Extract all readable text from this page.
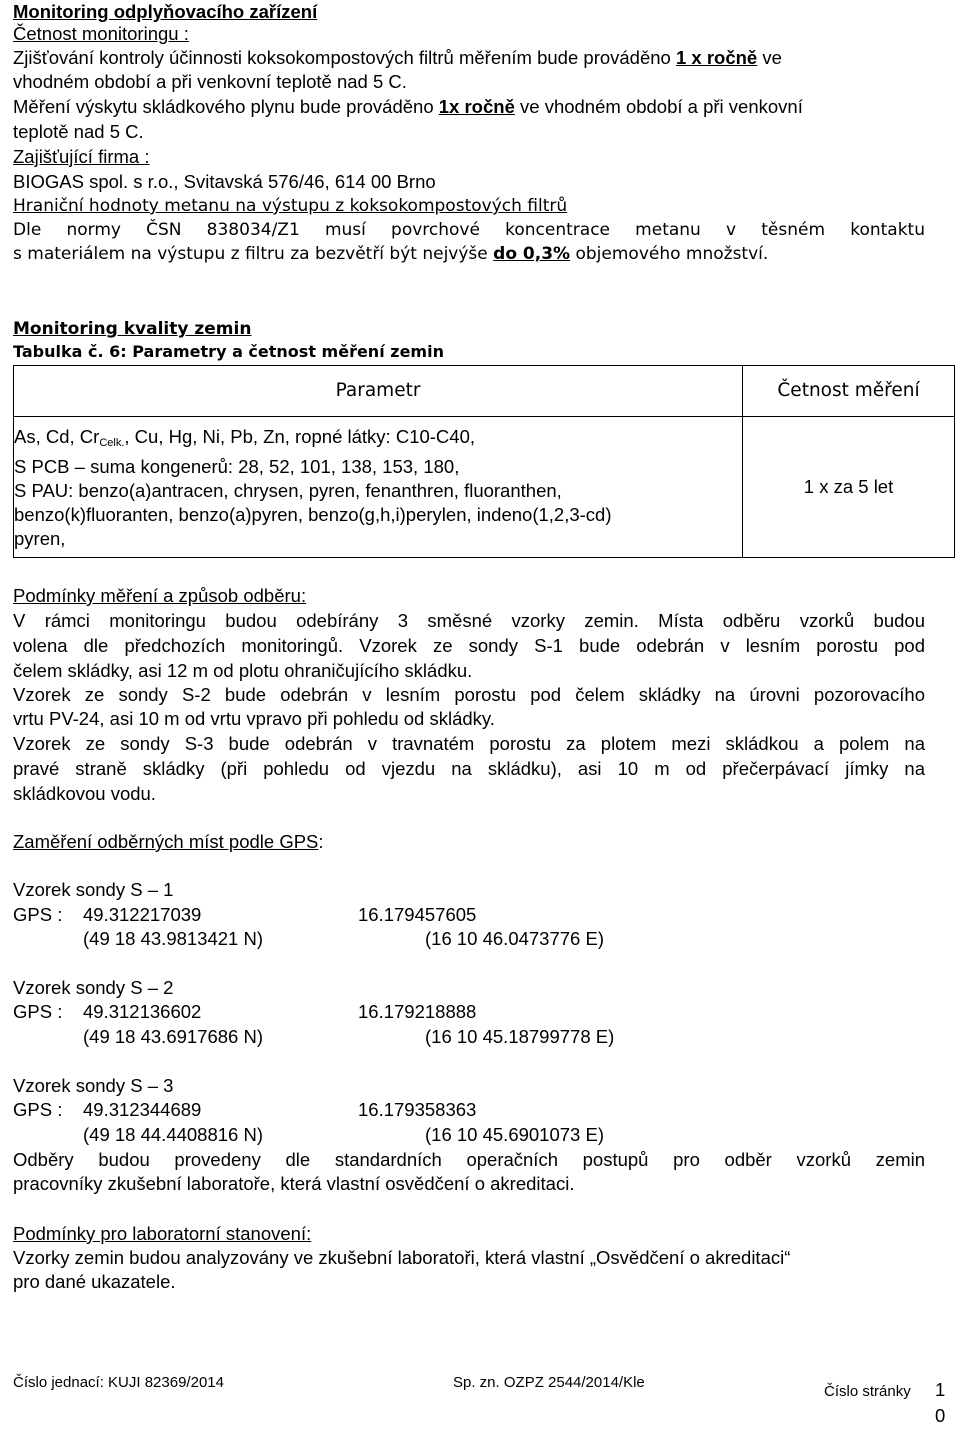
Monitoring odplyňovacího zařízení
Četnost monitoringu :
Zjišťování kontroly účinnosti koksokompostových filtrů měřením bude prováděno 1 x ročně ve
vhodném období a při venkovní teplotě nad 5 C.
Měření výskytu skládkového plynu bude prováděno 1x ročně ve vhodném období a při venkovní
teplotě nad 5 C.
Zajišťující firma :
BIOGAS spol. s r.o., Svitavská 576/46, 614 00 Brno
Hraniční hodnoty metanu na výstupu z koksokompostových filtrů
Dle normy ČSN 838034/Z1 musí povrchové koncentrace metanu v těsném kontaktu
s materiálem na výstupu z filtru za bezvětří být nejvýše do 0,3% objemového množství.
Monitoring kvality zemin
Tabulka č. 6: Parametry a četnost měření zemin
Parametr	Četnost měření

As, Cd, $Cr_{Celk.}$, Cu, Hg, Ni, Pb, Zn, ropné látky: C10-C40,
S PCB – suma kongenerů: 28, 52, 101, 138, 153, 180,
S PAU: benzo(a)antracen, chrysen, pyren, fenanthren, fluoranthen,
benzo(k)fluoranten, benzo(a)pyren, benzo(g,h,i)perylen, indeno(1,2,3-cd)
pyren,	1 x za 5 let
Podmínky měření a způsob odběru:
V rámci monitoringu budou odebírány 3 směsné vzorky zemin. Místa odběru vzorků budou
volena dle předchozích monitoringů. Vzorek ze sondy S-1 bude odebrán v lesním porostu pod
čelem skládky, asi 12 m od plotu ohraničujícího skládku.
Vzorek ze sondy S-2 bude odebrán v lesním porostu pod čelem skládky na úrovni pozorovacího
vrtu PV-24, asi 10 m od vrtu vpravo při pohledu od skládky.
Vzorek ze sondy S-3 bude odebrán v travnatém porostu za plotem mezi skládkou a polem na
pravé straně skládky (při pohledu od vjezdu na skládku), asi 10 m od přečerpávací jímky na
skládkovou vodu.
Zaměření odběrných míst podle GPS:
Vzorek sondy S – 1
GPS : 49.312217039	16.179457605
(49 18 43.9813421 N)	(16 10 46.0473776 E)
Vzorek sondy S – 2
GPS : 49.312136602	16.179218888
(49 18 43.6917686 N)	(16 10 45.18799778 E)
Vzorek sondy S – 3
GPS : 49.312344689	16.179358363
(49 18 44.4408816 N)	(16 10 45.6901073 E)
Odběry budou provedeny dle standardních operačních postupů pro odběr vzorků zemin
pracovníky zkušební laboratoře, která vlastní osvědčení o akreditaci.
Podmínky pro laboratorní stanovení:
Vzorky zemin budou analyzovány ve zkušební laboratoři, která vlastní „Osvědčení o akreditaci“
pro dané ukazatele.
Číslo jednací: KUJI 82369/2014	Sp. zn. OZPZ 2544/2014/Kle
Číslo stránky 1
0
